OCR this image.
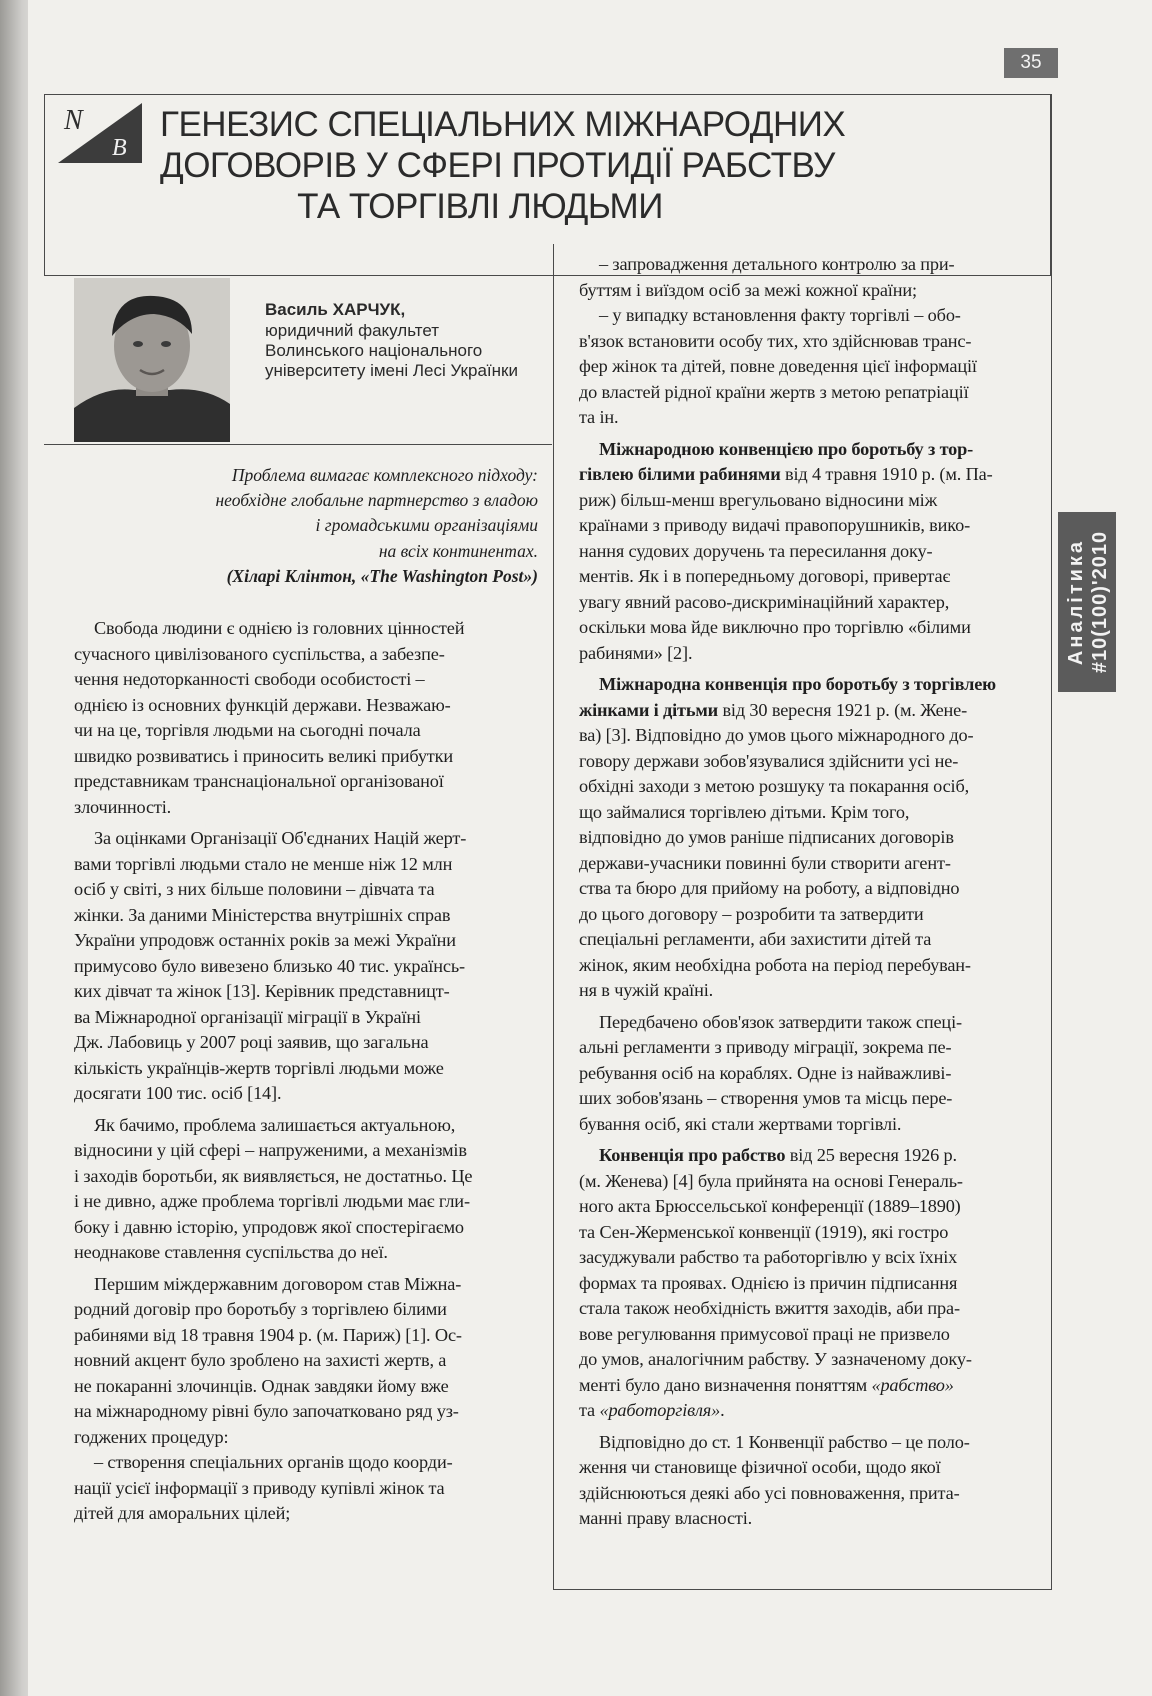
35
N
B
ГЕНЕЗИС СПЕЦІАЛЬНИХ МІЖНАРОДНИХ
ДОГОВОРІВ У СФЕРІ ПРОТИДІЇ РАБСТВУ
ТА ТОРГІВЛІ ЛЮДЬМИ
Василь ХАРЧУК,
юридичний факультет
Волинського національного
університету імені Лесі Українки
Проблема вимагає комплексного підходу:
необхідне глобальне партнерство з владою
і громадськими організаціями
на всіх континентах.
(Хіларі Клінтон, «The Washington Post»)
Свобода людини є однією із головних цінностей
сучасного цивілізованого суспільства, а забезпе-
чення недоторканності свободи особистості –
однією із основних функцій держави. Незважаю-
чи на це, торгівля людьми на сьогодні почала
швидко розвиватись і приносить великі прибутки
представникам транснаціональної організованої
злочинності.
За оцінками Організації Об'єднаних Націй жерт-
вами торгівлі людьми стало не менше ніж 12 млн
осіб у світі, з них більше половини – дівчата та
жінки. За даними Міністерства внутрішніх справ
України упродовж останніх років за межі України
примусово було вивезено близько 40 тис. українсь-
ких дівчат та жінок [13]. Керівник представницт-
ва Міжнародної організації міграції в Україні
Дж. Лабовиць у 2007 році заявив, що загальна
кількість українців-жертв торгівлі людьми може
досягати 100 тис. осіб [14].
Як бачимо, проблема залишається актуальною,
відносини у цій сфері – напруженими, а механізмів
і заходів боротьби, як виявляється, не достатньо. Це
і не дивно, адже проблема торгівлі людьми має гли-
боку і давню історію, упродовж якої спостерігаємо
неоднакове ставлення суспільства до неї.
Першим міждержавним договором став Міжна-
родний договір про боротьбу з торгівлею білими
рабинями від 18 травня 1904 р. (м. Париж) [1]. Ос-
новний акцент було зроблено на захисті жертв, а
не покаранні злочинців. Однак завдяки йому вже
на міжнародному рівні було започатковано ряд уз-
годжених процедур:
– створення спеціальних органів щодо коорди-
нації усієї інформації з приводу купівлі жінок та
дітей для аморальних цілей;
– запровадження детального контролю за при-
буттям і виїздом осіб за межі кожної країни;
– у випадку встановлення факту торгівлі – обо-
в'язок встановити особу тих, хто здійснював транс-
фер жінок та дітей, повне доведення цієї інформації
до властей рідної країни жертв з метою репатріації
та ін.
Міжнародною конвенцією про боротьбу з тор-
гівлею білими рабинями від 4 травня 1910 р. (м. Па-
риж) більш-менш врегульовано відносини між
країнами з приводу видачі правопорушників, вико-
нання судових доручень та пересилання доку-
ментів. Як і в попередньому договорі, привертає
увагу явний расово-дискримінаційний характер,
оскільки мова йде виключно про торгівлю «білими
рабинями» [2].
Міжнародна конвенція про боротьбу з торгівлею
жінками і дітьми від 30 вересня 1921 р. (м. Жене-
ва) [3]. Відповідно до умов цього міжнародного до-
говору держави зобов'язувалися здійснити усі не-
обхідні заходи з метою розшуку та покарання осіб,
що займалися торгівлею дітьми. Крім того,
відповідно до умов раніше підписаних договорів
держави-учасники повинні були створити агент-
ства та бюро для прийому на роботу, а відповідно
до цього договору – розробити та затвердити
спеціальні регламенти, аби захистити дітей та
жінок, яким необхідна робота на період перебуван-
ня в чужій країні.
Передбачено обов'язок затвердити також спеці-
альні регламенти з приводу міграції, зокрема пе-
ребування осіб на кораблях. Одне із найважливі-
ших зобов'язань – створення умов та місць пере-
бування осіб, які стали жертвами торгівлі.
Конвенція про рабство від 25 вересня 1926 р.
(м. Женева) [4] була прийнята на основі Генераль-
ного акта Брюссельської конференції (1889–1890)
та Сен-Жерменської конвенції (1919), які гостро
засуджували рабство та работоргівлю у всіх їхніх
формах та проявах. Однією із причин підписання
стала також необхідність вжиття заходів, аби пра-
вове регулювання примусової праці не призвело
до умов, аналогічним рабству. У зазначеному доку-
менті було дано визначення поняттям «рабство»
та «работоргівля».
Відповідно до ст. 1 Конвенції рабство – це поло-
ження чи становище фізичної особи, щодо якої
здійснюються деякі або усі повноваження, прита-
манні праву власності.
Аналітика #10(100)'2010
